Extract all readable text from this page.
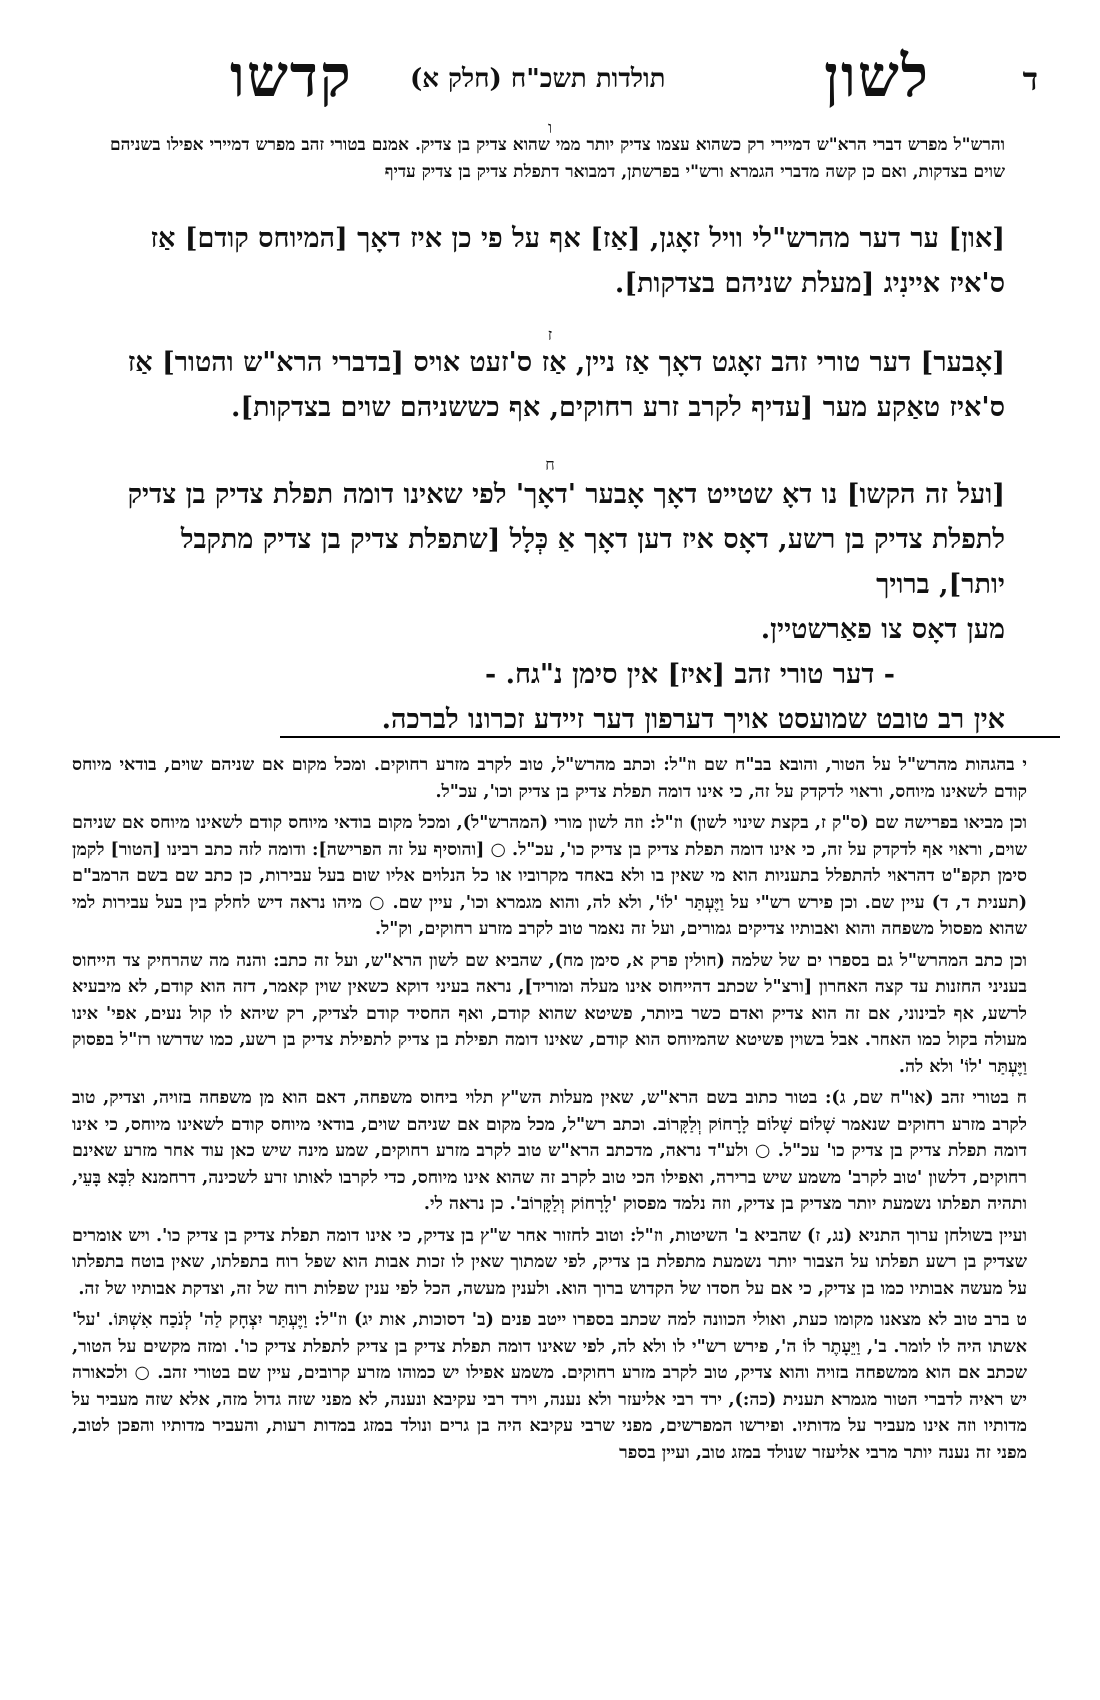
ד
לשון
תולדות תשכ"ח (חלק א)
קדשו
ו
והרש"ל מפרש דברי הרא"ש דמיירי רק כשהוא עצמו צדיק יותר ממי שהוא צדיק בן צדיק. אמנם בטורי זהב מפרש דמיירי אפילו בשניהם שוים בצדקות, ואם כן קשה מדברי הגמרא ורש"י בפרשתן, דמבואר דתפלת צדיק בן צדיק עדיף
[און] ער דער מהרש"לי וויל זאָגן, [אַז] אף על פי כן איז דאָך [המיוחס קודם] אַז
ס'איז איינִיג [מעלת שניהם בצדקות].
ז
[אָבער] דער טורי זהב זאָגט דאָך אַז ניין, אַז ס'זעט אויס [בדברי הרא"ש והטור] אַז
ס'איז טאַקע מער [עדיף לקרב זרע רחוקים, אף כששניהם שוים בצדקות].
ח
[ועל זה הקשו] נו דאָ שטייט דאָך אָבער 'דאָך' לפי שאינו דומה תפלת צדיק בן צדיק
לתפלת צדיק בן רשע, דאָס איז דען דאָך אַ כְּלָל [שתפלת צדיק בן צדיק מתקבל יותר], ברויך
מען דאָס צו פאַרשטיין.
- דער טורי זהב [איז] אין סימן נ"גח. -
אין רב טובט שמועסט אויך דערפון דער זיידע זכרונו לברכה.

י בהגהות מהרש"ל על הטור, והובא בב"ח שם וז"ל: וכתב מהרש"ל, טוב לקרב מזרע רחוקים. ומכל מקום אם שניהם שוים, בודאי מיוחס קודם לשאינו מיוחס, וראוי לדקדק על זה, כי אינו דומה תפלת צדיק בן צדיק וכו', עכ"ל.

וכן מביאו בפרישה שם (ס"ק ז, בקצת שינוי לשון) וז"ל: וזה לשון מורי (המהרש"ל), ומכל מקום בודאי מיוחס קודם לשאינו מיוחס אם שניהם שוים, וראוי אף לדקדק על זה, כי אינו דומה תפלת צדיק בן צדיק כו', עכ"ל. ○ [והוסיף על זה הפרישה]: ודומה לזה כתב רבינו [הטור] לקמן סימן תקפ"ט דהראוי להתפלל בתעניות הוא מי שאין בו ולא באחד מקרוביו או כל הנלוים אליו שום בעל עבירות, כן כתב שם בשם הרמב"ם (תענית ד, ד) עיין שם. וכן פירש רש"י על וַיֶּעְתַּר 'לוֹ', ולא לה, והוא מגמרא וכו', עיין שם. ○ מיהו נראה דיש לחלק בין בעל עבירות למי שהוא מפסול משפחה והוא ואבותיו צדיקים גמורים, ועל זה נאמר טוב לקרב מזרע רחוקים, וק"ל.

וכן כתב המהרש"ל גם בספרו ים של שלמה (חולין פרק א, סימן מח), שהביא שם לשון הרא"ש, ועל זה כתב: והנה מה שהרחיק צד הייחוס בעניני החזנות עד קצה האחרון [ורצ"ל שכתב דהייחוס אינו מעלה ומוריד], נראה בעיני דוקא כשאין שוין קאמר, דזה הוא קודם, לא מיבעיא לרשע, אף לבינוני, אם זה הוא צדיק ואדם כשר ביותר, פשיטא שהוא קודם, ואף החסיד קודם לצדיק, רק שיהא לו קול נעים, אפי' אינו מעולה בקול כמו האחר. אבל בשוין פשיטא שהמיוחס הוא קודם, שאינו דומה תפילת בן צדיק לתפילת צדיק בן רשע, כמו שדרשו רז"ל בפסוק וַיֶּעְתַּר 'לוֹ' ולא לה.

ח בטורי זהב (או"ח שם, ג): בטור כתוב בשם הרא"ש, שאין מעלות הש"ץ תלוי ביחוס משפחה, דאם הוא מן משפחה בזויה, וצדיק, טוב לקרב מזרע רחוקים שנאמר שָׁלוֹם שָׁלוֹם לָרָחוֹק וְלַקָּרוֹב. וכתב רש"ל, מכל מקום אם שניהם שוים, בודאי מיוחס קודם לשאינו מיוחס, כי אינו דומה תפלת צדיק בן צדיק כו' עכ"ל. ○ ולע"ד נראה, מדכתב הרא"ש טוב לקרב מזרע רחוקים, שמע מינה שיש כאן עוד אחר מזרע שאינם רחוקים, דלשון 'טוב לקרב' משמע שיש ברירה, ואפילו הכי טוב לקרב זה שהוא אינו מיוחס, כדי לקרבו לאותו זרע לשכינה, דרחמנא לִבָּא בָּעֵי, ותהיה תפלתו נשמעת יותר מצדיק בן צדיק, וזה נלמד מפסוק 'לָרָחוֹק וְלַקָּרוֹב'. כן נראה לי.

ועיין בשולחן ערוך התניא (נג, ז) שהביא ב' השיטות, וז"ל: וטוב לחזור אחר ש"ץ בן צדיק, כי אינו דומה תפלת צדיק בן צדיק כו'. ויש אומרים שצדיק בן רשע תפלתו על הצבור יותר נשמעת מתפלת בן צדיק, לפי שמתוך שאין לו זכות אבות הוא שפל רוח בתפלתו, שאין בוטח בתפלתו על מעשה אבותיו כמו בן צדיק, כי אם על חסדו של הקדוש ברוך הוא. ולענין מעשה, הכל לפי ענין שפלות רוח של זה, וצדקת אבותיו של זה.

ט ברב טוב לא מצאנו מקומו כעת, ואולי הכוונה למה שכתב בספרו ייטב פנים (ב' דסוכות, אות יג) וז"ל: וַיֶּעְתַּר יִצְחָק לַה' לְנֹכַח אִשְׁתּוֹ. 'על' אשתו היה לו לומר. ב', וַיֵּעָתֶר לוֹ ה', פירש רש"י לו ולא לה, לפי שאינו דומה תפלת צדיק בן צדיק לתפלת צדיק כו'. ומזה מקשים על הטור, שכתב אם הוא ממשפחה בזויה והוא צדיק, טוב לקרב מזרע רחוקים. משמע אפילו יש כמוהו מזרע קרובים, עיין שם בטורי זהב. ○ ולכאורה יש ראיה לדברי הטור מגמרא תענית (כה:), ירד רבי אליעזר ולא נענה, וירד רבי עקיבא ונענה, לא מפני שזה גדול מזה, אלא שזה מעביר על מדותיו וזה אינו מעביר על מדותיו. ופירשו המפרשים, מפני שרבי עקיבא היה בן גרים ונולד במזג במדות רעות, והעביר מדותיו והפכן לטוב, מפני זה נענה יותר מרבי אליעזר שנולד במזג טוב, ועיין בספר
